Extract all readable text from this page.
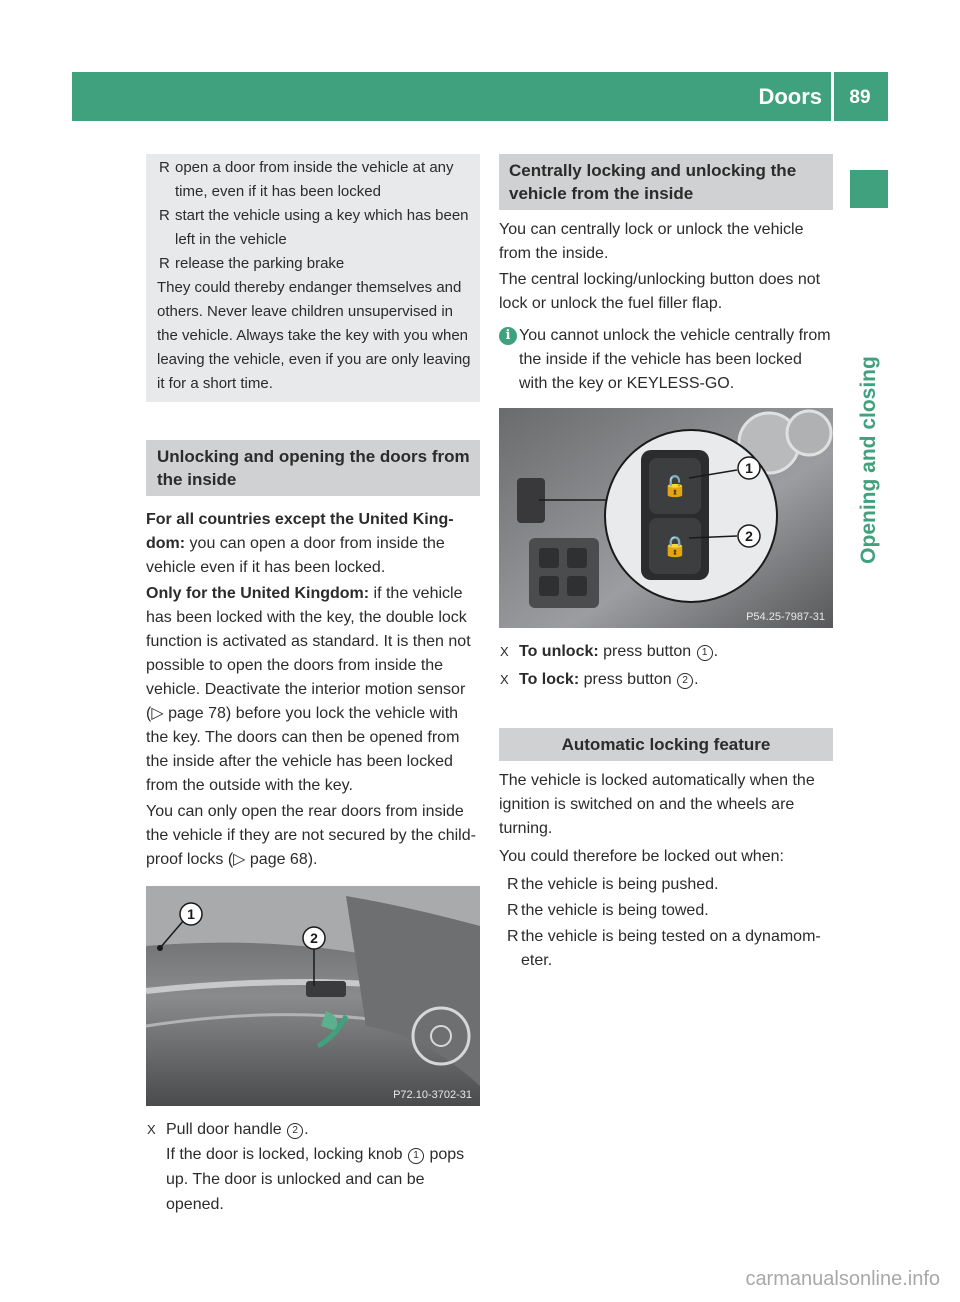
Doors	89
Opening and closing

R open a door from inside the vehicle at any time, even if it has been locked

R start the vehicle using a key which has been left in the vehicle

R release the parking brake

They could thereby endanger themselves and others. Never leave children unsupervised in the vehicle. Always take the key with you when leaving the vehicle, even if you are only leaving it for a short time.

Unlocking and opening the doors from the inside

For all countries except the United King-dom: you can open a door from inside the vehicle even if it has been locked.

Only for the United Kingdom: if the vehicle has been locked with the key, the double lock function is activated as standard. It is then not possible to open the doors from inside the vehicle. Deactivate the interior motion sensor (▷ page 78) before you lock the vehicle with the key. The doors can then be opened from the inside after the vehicle has been locked from the outside with the key.

You can only open the rear doors from inside the vehicle if they are not secured by the child-proof locks (▷ page 68).

1
2
P72.10-3702-31

X Pull door handle 2 .

If the door is locked, locking knob 1 pops up. The door is unlocked and can be opened.

Centrally locking and unlocking the vehicle from the inside

You can centrally lock or unlock the vehicle from the inside.

The central locking/unlocking button does not lock or unlock the fuel filler flap.

i You cannot unlock the vehicle centrally from the inside if the vehicle has been locked with the key or KEYLESS-GO.

🔓
🔒
1
2
P54.25-7987-31

X To unlock: press button 1 .

X To lock: press button 2 .

Automatic locking feature

The vehicle is locked automatically when the ignition is switched on and the wheels are turning.

You could therefore be locked out when:

R the vehicle is being pushed.

R the vehicle is being towed.

R the vehicle is being tested on a dynamom-eter.

carmanualsonline.info
